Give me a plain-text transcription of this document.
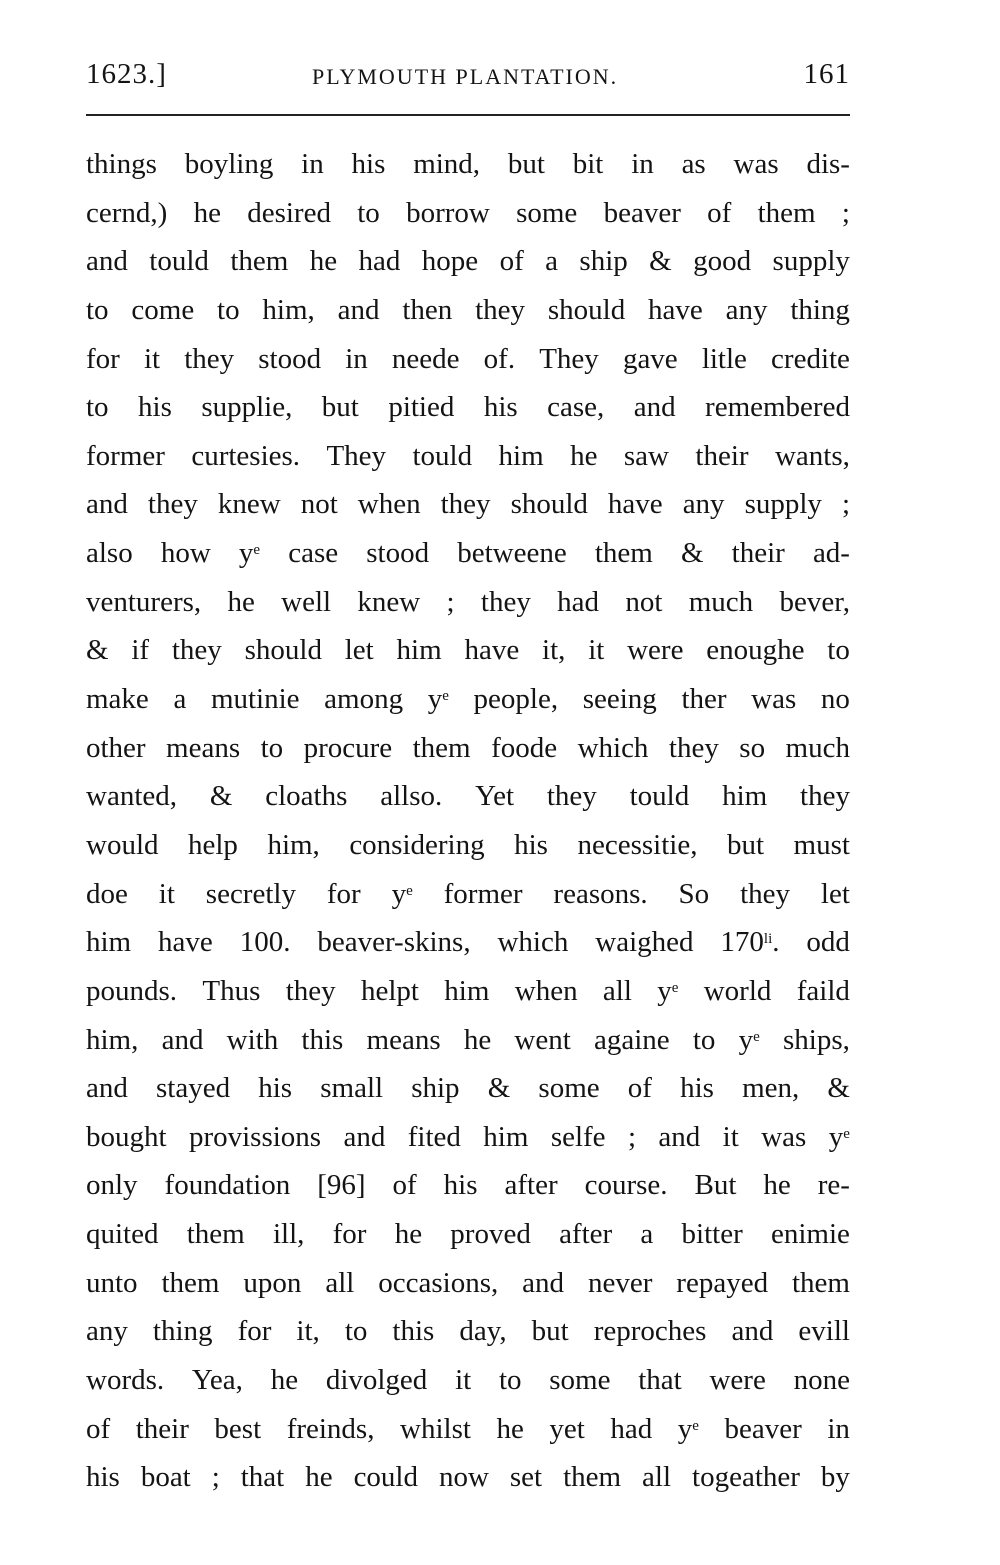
1623.]	PLYMOUTH PLANTATION.	161
things boyling in his mind, but bit in as was dis-
cernd,) he desired to borrow some beaver of them ;
and tould them he had hope of a ship & good supply
to come to him, and then they should have any thing
for it they stood in neede of. They gave litle credite
to his supplie, but pitied his case, and remembered
former curtesies. They tould him he saw their wants,
and they knew not when they should have any supply ;
also how $y^e$ case stood betweene them & their ad-
venturers, he well knew ; they had not much bever,
& if they should let him have it, it were enoughe to
make a mutinie among $y^e$ people, seeing ther was no
other means to procure them foode which they so much
wanted, & cloaths allso. Yet they tould him they
would help him, considering his necessitie, but must
doe it secretly for $y^e$ former reasons. So they let
him have 100. beaver-skins, which waighed $170^{li}$. odd
pounds. Thus they helpt him when all $y^e$ world faild
him, and with this means he went againe to $y^e$ ships,
and stayed his small ship & some of his men, &
bought provissions and fited him selfe ; and it was $y^e$
only foundation [96] of his after course. But he re-
quited them ill, for he proved after a bitter enimie
unto them upon all occasions, and never repayed them
any thing for it, to this day, but reproches and evill
words. Yea, he divolged it to some that were none
of their best freinds, whilst he yet had $y^e$ beaver in
his boat ; that he could now set them all togeather by
